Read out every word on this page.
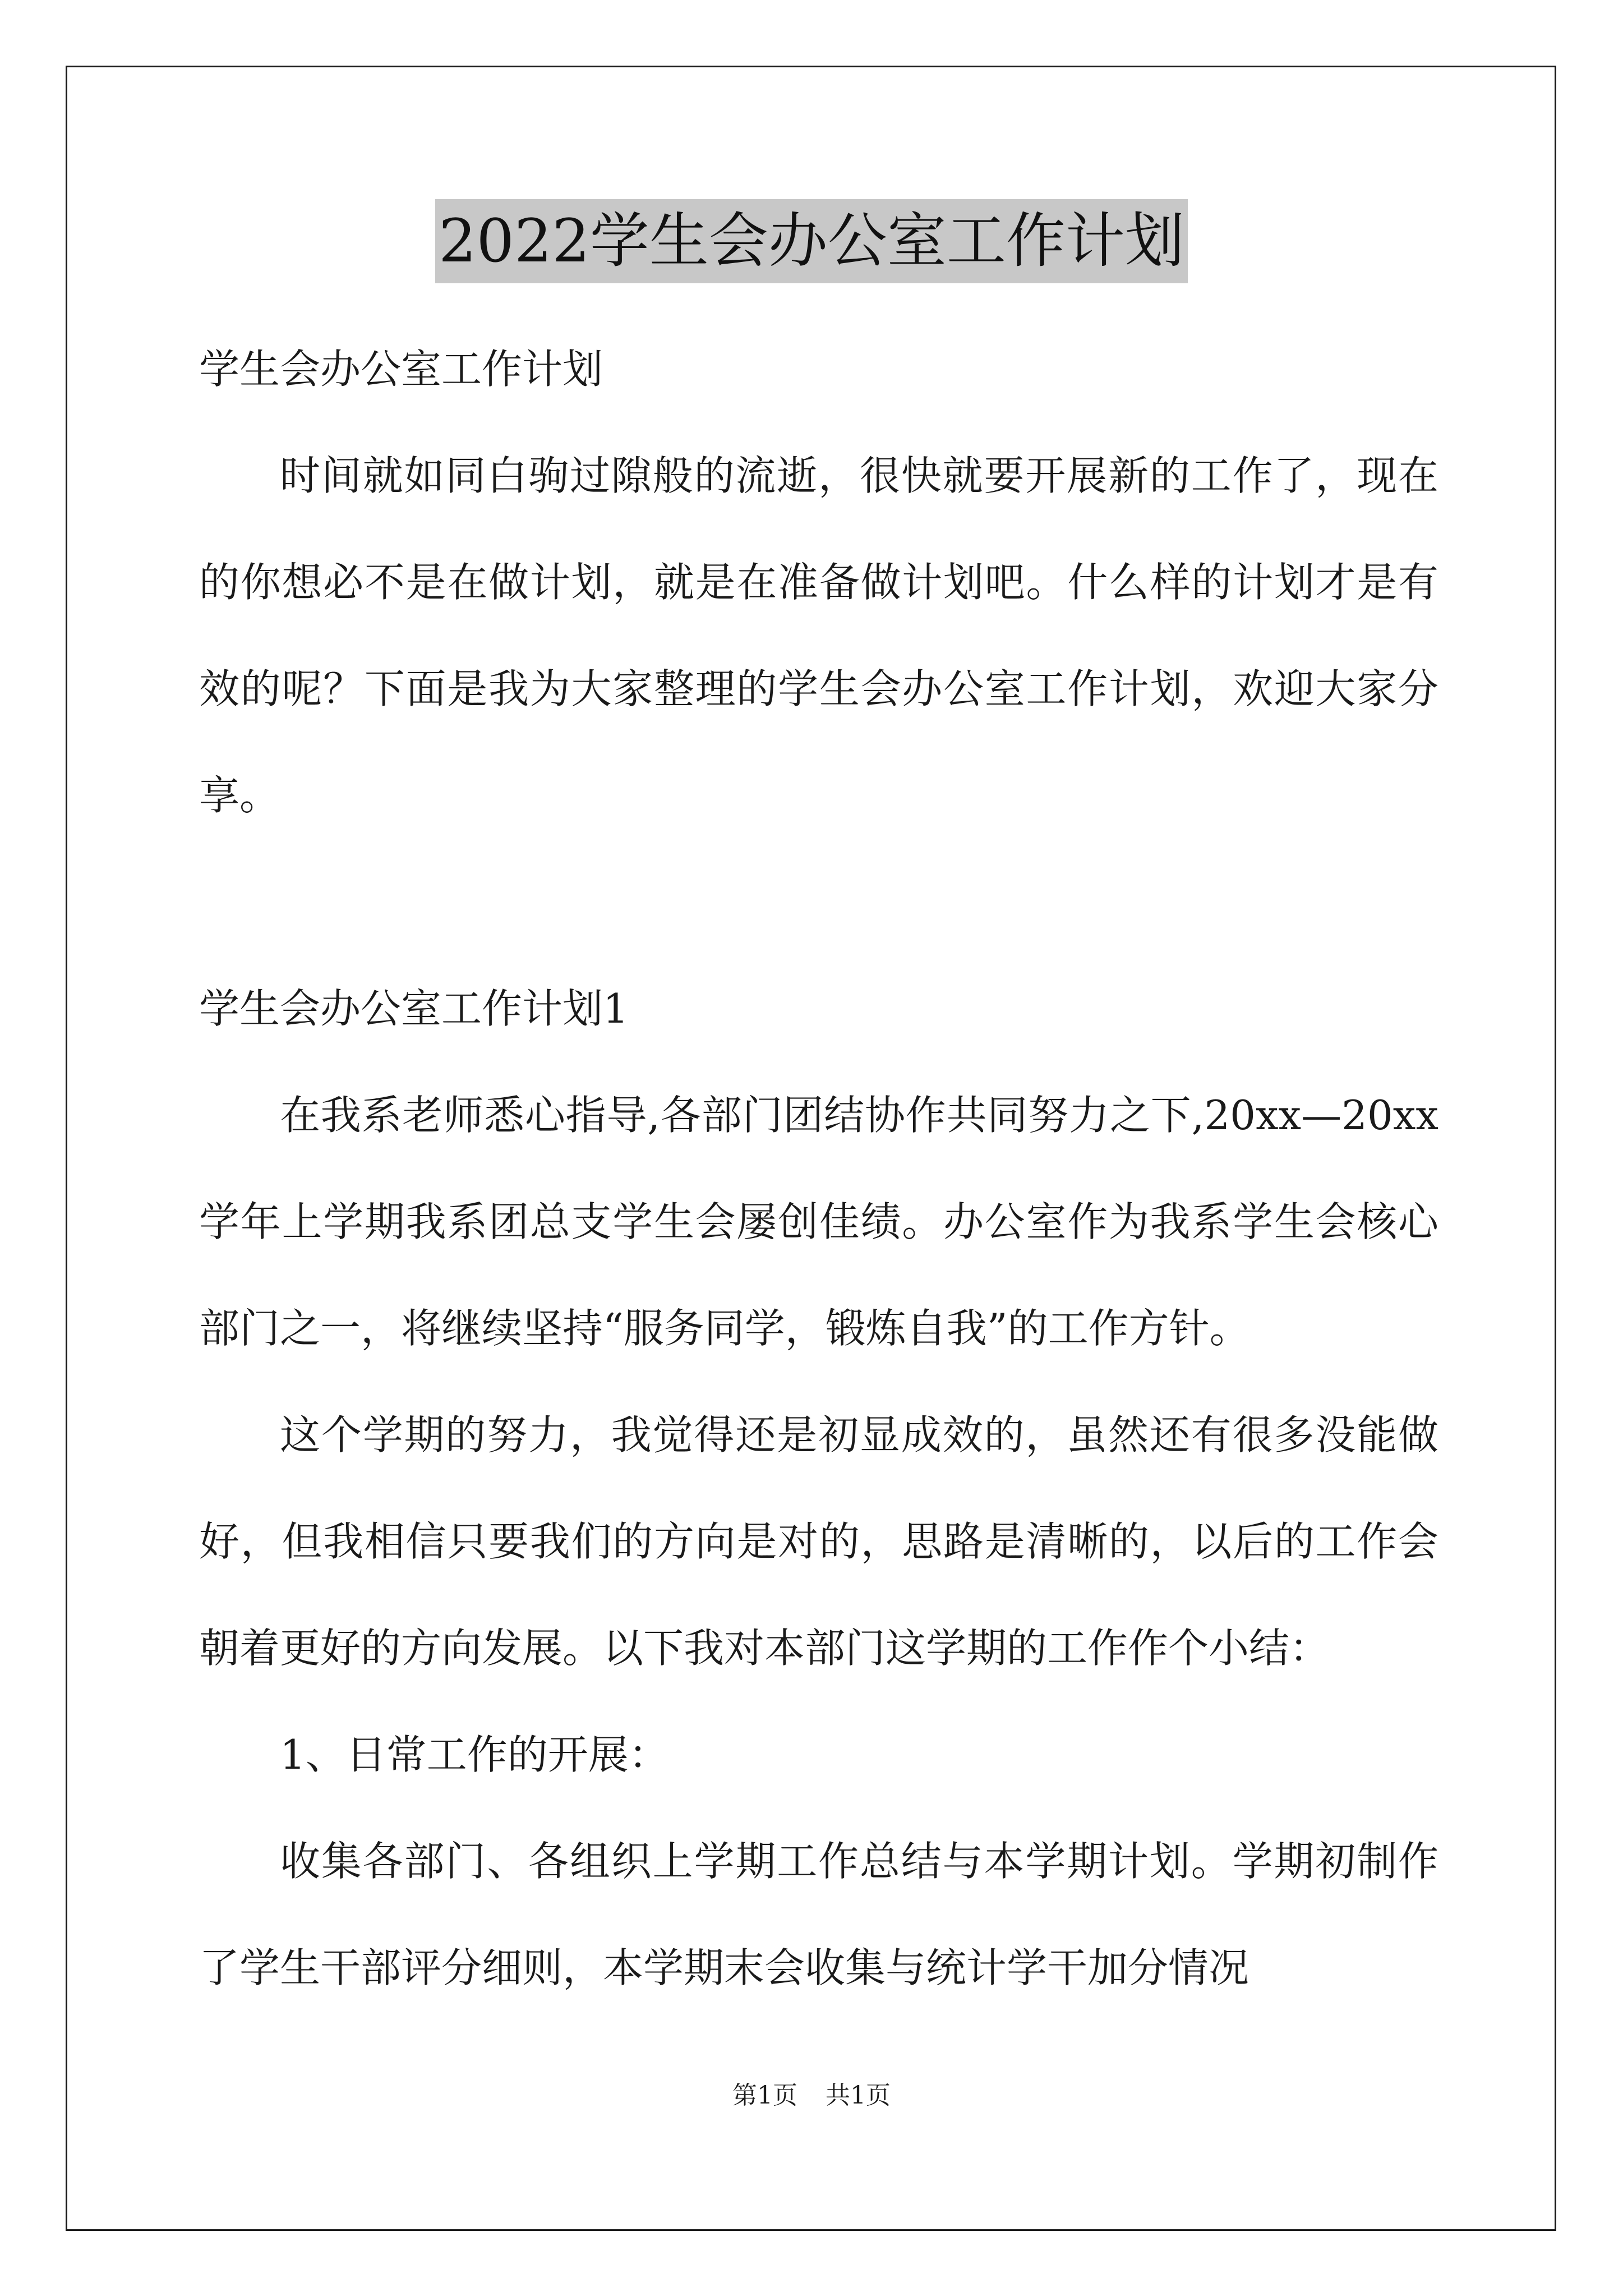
2022学生会办公室工作计划

学生会办公室工作计划

时间就如同白驹过隙般的流逝，很快就要开展新的工作了，现在

的你想必不是在做计划，就是在准备做计划吧。什么样的计划才是有

效的呢？下面是我为大家整理的学生会办公室工作计划，欢迎大家分

享。

学生会办公室工作计划1

在我系老师悉心指导,各部门团结协作共同努力之下,20xx—20xx

学年上学期我系团总支学生会屡创佳绩。办公室作为我系学生会核心

部门之一，将继续坚持“服务同学，锻炼自我”的工作方针。

这个学期的努力，我觉得还是初显成效的，虽然还有很多没能做

好，但我相信只要我们的方向是对的，思路是清晰的，以后的工作会

朝着更好的方向发展。以下我对本部门这学期的工作作个小结：

1、日常工作的开展：

收集各部门、各组织上学期工作总结与本学期计划。学期初制作

了学生干部评分细则，本学期末会收集与统计学干加分情况

第1页 共1页
